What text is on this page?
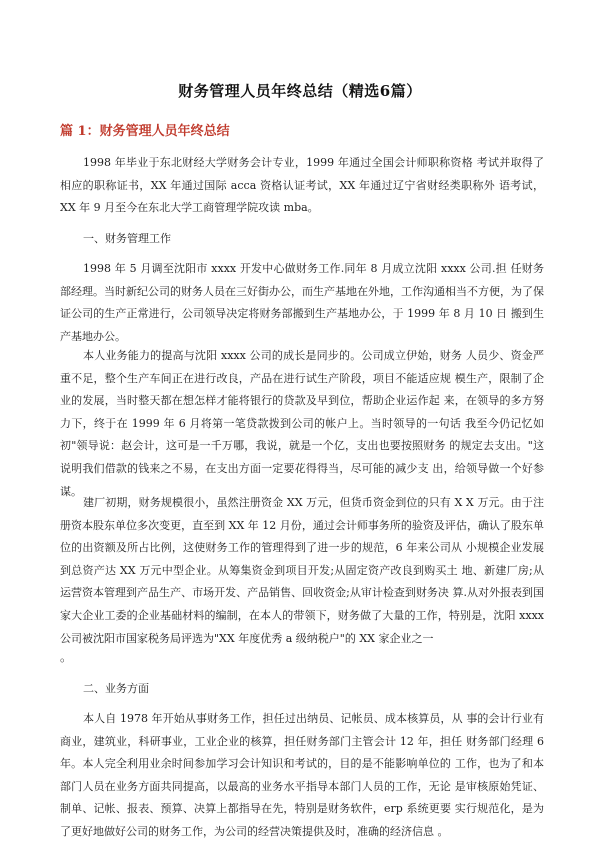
财务管理人员年终总结（精选6篇）
篇 1：财务管理人员年终总结
1998 年毕业于东北财经大学财务会计专业，1999 年通过全国会计师职称资格 考试并取得了相应的职称证书，XX 年通过国际 acca 资格认证考试，XX 年通过辽宁省财经类职称外 语考试，XX 年 9 月至今在东北大学工商管理学院攻读 mba。
一、财务管理工作
1998 年 5 月调至沈阳市 xxxx 开发中心做财务工作.同年 8 月成立沈阳 xxxx 公司.担 任财务部经理。当时新纪公司的财务人员在三好街办公，而生产基地在外地，工作沟通相当不方便，为了保证公司的生产正常进行，公司领导决定将财务部搬到生产基地办公，于 1999 年 8 月 10 日 搬到生产基地办公。
本人业务能力的提高与沈阳 xxxx 公司的成长是同步的。公司成立伊始，财务 人员少、资金严重不足，整个生产车间正在进行改良，产品在进行试生产阶段，项目不能适应规 模生产，限制了企业的发展，当时整天都在想怎样才能将银行的贷款及早到位，帮助企业运作起 来，在领导的多方努力下，终于在 1999 年 6 月将第一笔贷款拨到公司的帐户上。当时领导的一句话 我至今仍记忆如初"领导说：赵会计，这可是一千万哪，我说，就是一个亿，支出也要按照财务 的规定去支出。"这说明我们借款的钱来之不易，在支出方面一定要花得得当，尽可能的减少支 出，给领导做一个好参谋。
建厂初期，财务规模很小，虽然注册资金 XX 万元，但货币资金到位的只有 X X 万元。由于注册资本股东单位多次变更，直至到 XX 年 12 月份，通过会计师事务所的验资及评估，确认了股东单位的出资额及所占比例，这使财务工作的管理得到了进一步的规范，6 年来公司从 小规模企业发展到总资产达 XX 万元中型企业。从筹集资金到项目开发;从固定资产改良到购买土 地、新建厂房;从运营资本管理到产品生产、市场开发、产品销售、回收资金;从审计检查到财务决 算.从对外报表到国家大企业工委的企业基础材料的编制，在本人的带领下，财务做了大量的工作，特别是，沈阳 xxxx 公司被沈阳市国家税务局评选为"XX 年度优秀 a 级纳税户"的 XX 家企业之一
。
二、业务方面
本人自 1978 年开始从事财务工作，担任过出纳员、记帐员、成本核算员，从 事的会计行业有商业，建筑业，科研事业，工业企业的核算，担任财务部门主管会计 12 年，担任 财务部门经理 6 年。本人完全利用业余时间参加学习会计知识和考试的，目的是不能影响单位的 工作，也为了和本部门人员在业务方面共同提高，以最高的业务水平指导本部门人员的工作，无论 是审核原始凭证、制单、记帐、报表、预算、决算上都指导在先，特别是财务软件，erp 系统更要 实行规范化，是为了更好地做好公司的财务工作，为公司的经营决策提供及时，准确的经济信息 。
